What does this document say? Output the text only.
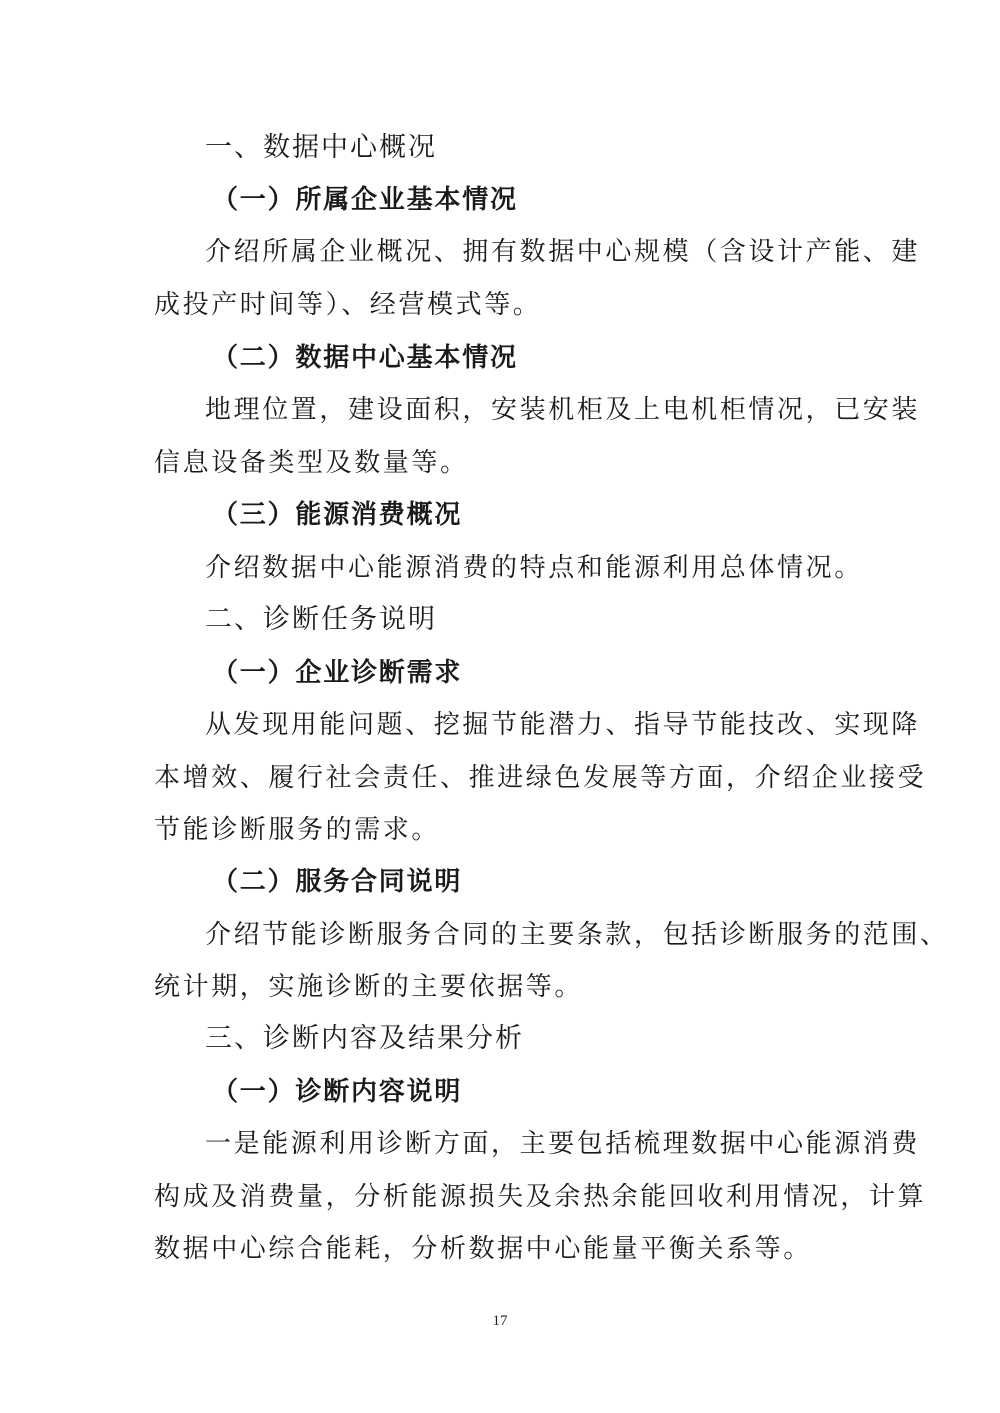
一、数据中心概况
（一）所属企业基本情况
介绍所属企业概况、拥有数据中心规模（含设计产能、建
成投产时间等）、经营模式等。
（二）数据中心基本情况
地理位置，建设面积，安装机柜及上电机柜情况，已安装
信息设备类型及数量等。
（三）能源消费概况
介绍数据中心能源消费的特点和能源利用总体情况。
二、诊断任务说明
（一）企业诊断需求
从发现用能问题、挖掘节能潜力、指导节能技改、实现降
本增效、履行社会责任、推进绿色发展等方面，介绍企业接受
节能诊断服务的需求。
（二）服务合同说明
介绍节能诊断服务合同的主要条款，包括诊断服务的范围、
统计期，实施诊断的主要依据等。
三、诊断内容及结果分析
（一）诊断内容说明
一是能源利用诊断方面，主要包括梳理数据中心能源消费
构成及消费量，分析能源损失及余热余能回收利用情况，计算
数据中心综合能耗，分析数据中心能量平衡关系等。
17
